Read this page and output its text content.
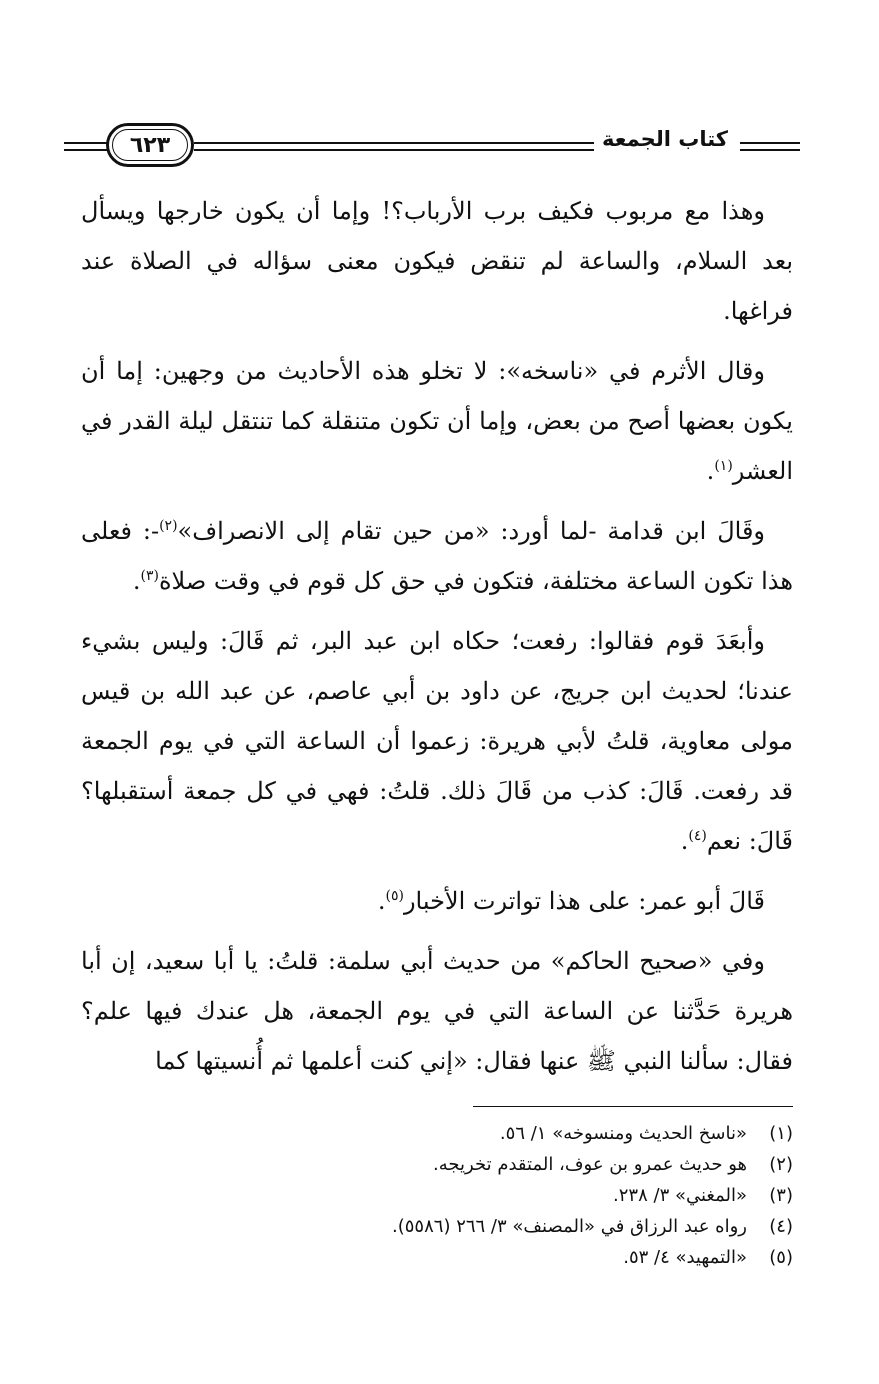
كتاب الجمعة
٦٢٣

وهذا مع مربوب فكيف برب الأرباب؟! وإما أن يكون خارجها ويسأل بعد السلام، والساعة لم تنقض فيكون معنى سؤاله في الصلاة عند فراغها.

وقال الأثرم في «ناسخه»: لا تخلو هذه الأحاديث من وجهين: إما أن يكون بعضها أصح من بعض، وإما أن تكون متنقلة كما تنتقل ليلة القدر في العشر$^{(١)}$.

وقَالَ ابن قدامة -لما أورد: «من حين تقام إلى الانصراف»$^{(٢)}$-: فعلى هذا تكون الساعة مختلفة، فتكون في حق كل قوم في وقت صلاة$^{(٣)}$.

وأبعَدَ قوم فقالوا: رفعت؛ حكاه ابن عبد البر، ثم قَالَ: وليس بشيء عندنا؛ لحديث ابن جريج، عن داود بن أبي عاصم، عن عبد الله بن قيس مولى معاوية، قلتُ لأبي هريرة: زعموا أن الساعة التي في يوم الجمعة قد رفعت. قَالَ: كذب من قَالَ ذلك. قلتُ: فهي في كل جمعة أستقبلها؟ قَالَ: نعم$^{(٤)}$.

قَالَ أبو عمر: على هذا تواترت الأخبار$^{(٥)}$.

وفي «صحيح الحاكم» من حديث أبي سلمة: قلتُ: يا أبا سعيد، إن أبا هريرة حَدَّثنا عن الساعة التي في يوم الجمعة، هل عندك فيها علم؟ فقال: سألنا النبي ﷺ عنها فقال: «إني كنت أعلمها ثم أُنسيتها كما

(١)
«ناسخ الحديث ومنسوخه» ١/ ٥٦.
(٢)
هو حديث عمرو بن عوف، المتقدم تخريجه.
(٣)
«المغني» ٣/ ٢٣٨.
(٤)
رواه عبد الرزاق في «المصنف» ٣/ ٢٦٦ (٥٥٨٦).
(٥)
«التمهيد» ٤/ ٥٣.
